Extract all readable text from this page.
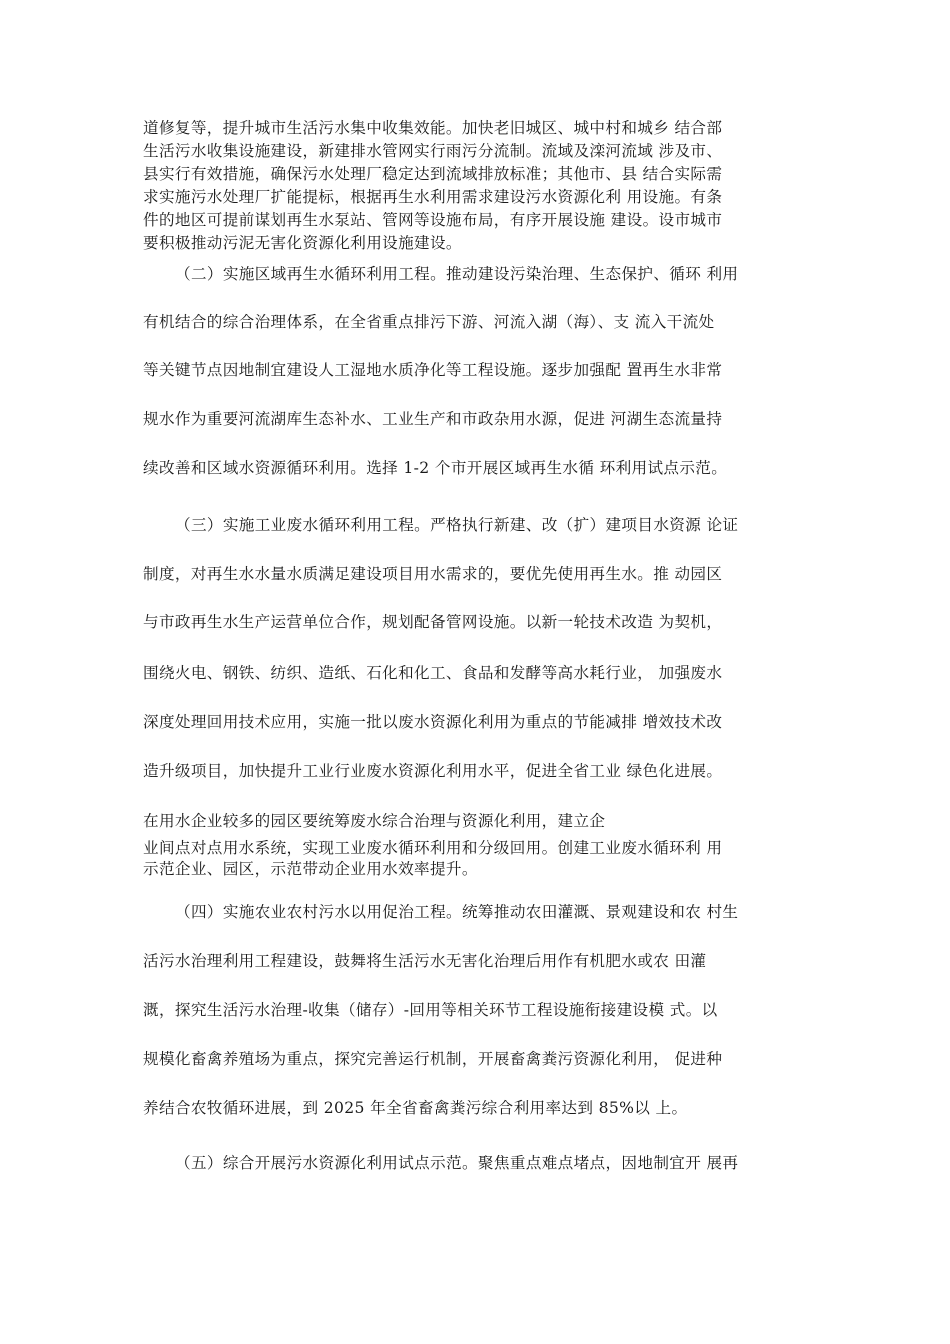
道修复等，提升城市生活污水集中收集效能。加快老旧城区、城中村和城乡 结合部
生活污水收集设施建设，新建排水管网实行雨污分流制。流域及滦河流域 涉及市、
县实行有效措施，确保污水处理厂稳定达到流域排放标准；其他市、县 结合实际需
求实施污水处理厂扩能提标，根据再生水利用需求建设污水资源化利 用设施。有条
件的地区可提前谋划再生水泵站、管网等设施布局，有序开展设施 建设。设市城市
要积极推动污泥无害化资源化利用设施建设。
（二）实施区域再生水循环利用工程。推动建设污染治理、生态保护、循环 利用
有机结合的综合治理体系，在全省重点排污下游、河流入湖（海）、支 流入干流处
等关键节点因地制宜建设人工湿地水质净化等工程设施。逐步加强配 置再生水非常
规水作为重要河流湖库生态补水、工业生产和市政杂用水源，促进 河湖生态流量持
续改善和区域水资源循环利用。选择 1-2 个市开展区域再生水循 环利用试点示范。
（三）实施工业废水循环利用工程。严格执行新建、改（扩）建项目水资源 论证
制度，对再生水水量水质满足建设项目用水需求的，要优先使用再生水。推 动园区
与市政再生水生产运营单位合作，规划配备管网设施。以新一轮技术改造 为契机，
围绕火电、钢铁、纺织、造纸、石化和化工、食品和发酵等高水耗行业， 加强废水
深度处理回用技术应用，实施一批以废水资源化利用为重点的节能减排 增效技术改
造升级项目，加快提升工业行业废水资源化利用水平，促进全省工业 绿色化进展。
在用水企业较多的园区要统筹废水综合治理与资源化利用，建立企
业间点对点用水系统，实现工业废水循环利用和分级回用。创建工业废水循环利 用
示范企业、园区，示范带动企业用水效率提升。
（四）实施农业农村污水以用促治工程。统筹推动农田灌溉、景观建设和农 村生
活污水治理利用工程建设，鼓舞将生活污水无害化治理后用作有机肥水或农 田灌
溉，探究生活污水治理-收集（储存）-回用等相关环节工程设施衔接建设模 式。以
规模化畜禽养殖场为重点，探究完善运行机制，开展畜禽粪污资源化利用， 促进种
养结合农牧循环进展，到 2025 年全省畜禽粪污综合利用率达到 85%以 上。
（五）综合开展污水资源化利用试点示范。聚焦重点难点堵点，因地制宜开 展再
